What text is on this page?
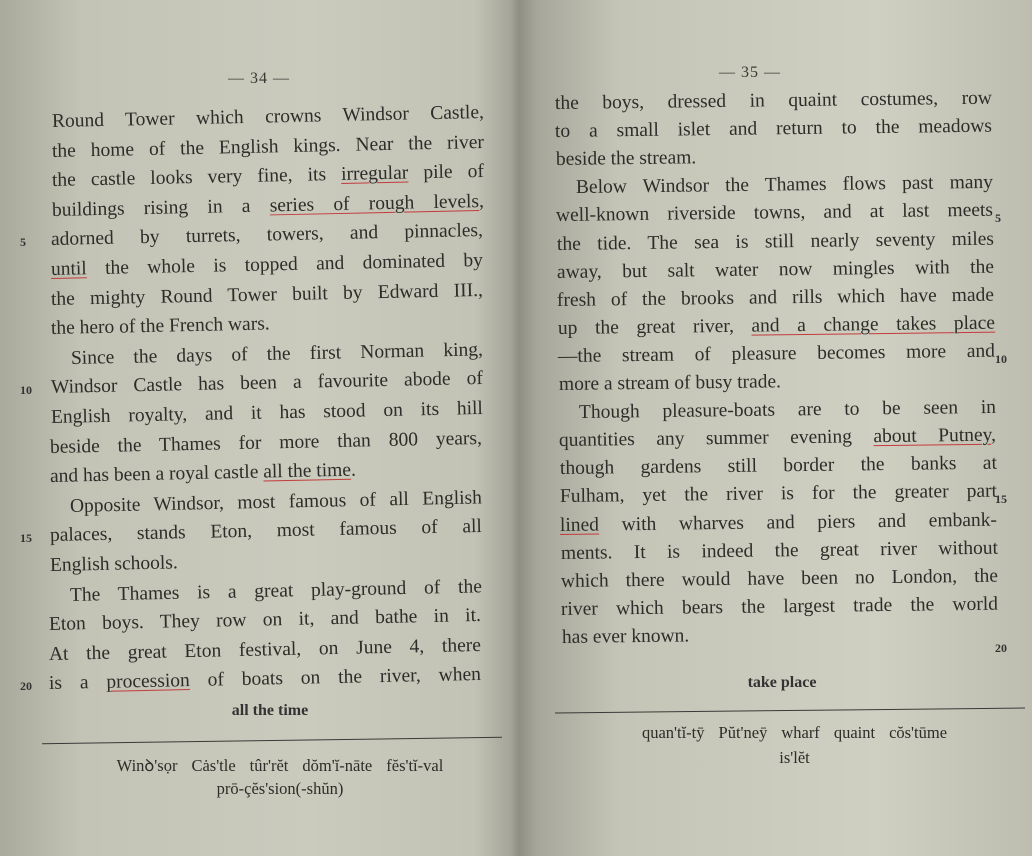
— 34 —
Round Tower which crowns Windsor Castle,
the home of the English kings. Near the river
the castle looks very fine, its irregular pile of
buildings rising in a series of rough levels,
adorned by turrets, towers, and pinnacles,
5
until the whole is topped and dominated by
the mighty Round Tower built by Edward III.,
the hero of the French wars.
Since the days of the first Norman king,
Windsor Castle has been a favourite abode of
10
English royalty, and it has stood on its hill
beside the Thames for more than 800 years,
and has been a royal castle all the time.
Opposite Windsor, most famous of all English
palaces, stands Eton, most famous of all
15
English schools.
The Thames is a great play-ground of the
Eton boys. They row on it, and bathe in it.
At the great Eton festival, on June 4, there
is a procession of boats on the river, when
20
all the time
Winꝺ'sọr Cȧs'tle tûr'rĕt dŏm'ĭ-nāte fĕs'tĭ-val
prō-çĕs'sion(-shŭn)
— 35 —
the boys, dressed in quaint costumes, row
to a small islet and return to the meadows
beside the stream.
Below Windsor the Thames flows past many
well-known riverside towns, and at last meets 5
the tide. The sea is still nearly seventy miles
away, but salt water now mingles with the
fresh of the brooks and rills which have made
up the great river, and a change takes place
—the stream of pleasure becomes more and 10
more a stream of busy trade.
Though pleasure-boats are to be seen in
quantities any summer evening about Putney,
though gardens still border the banks at
Fulham, yet the river is for the greater part
15
lined with wharves and piers and embank-
ments. It is indeed the great river without
which there would have been no London, the
river which bears the largest trade the world
has ever known.
20
take place
quan'tĭ-tȳ Pŭt'neȳ wharf quaint cŏs'tūme
is'lĕt
